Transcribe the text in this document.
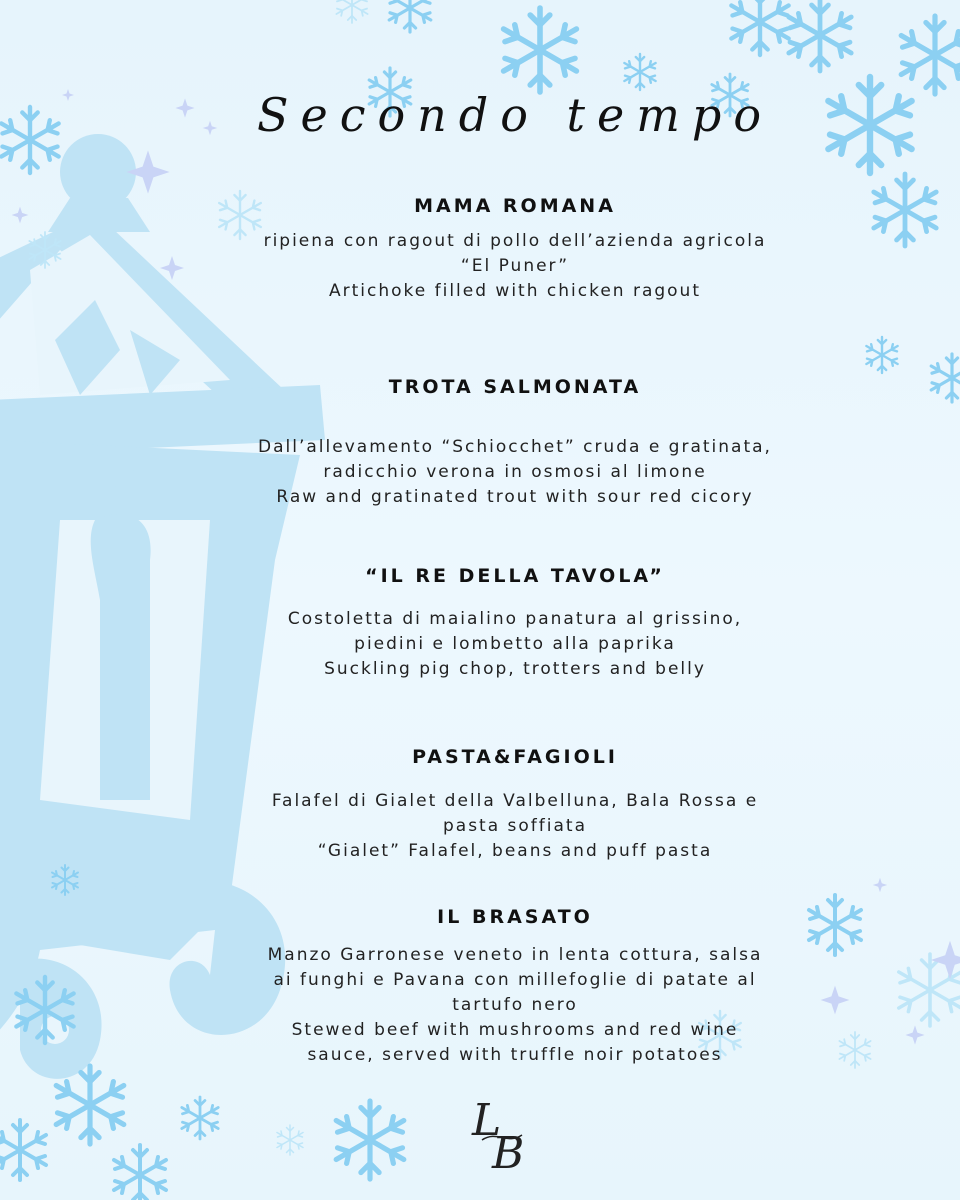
Secondo tempo

MAMA ROMANA

ripiena con ragout di pollo dell’azienda agricola

“El Puner”

Artichoke filled with chicken ragout

TROTA SALMONATA

Dall’allevamento “Schiocchet” cruda e gratinata,

radicchio verona in osmosi al limone

Raw and gratinated trout with sour red cicory

“IL RE DELLA TAVOLA”

Costoletta di maialino panatura al grissino,

piedini e lombetto alla paprika

Suckling pig chop, trotters and belly

PASTA&FAGIOLI

Falafel di Gialet della Valbelluna, Bala Rossa e

pasta soffiata

“Gialet” Falafel, beans and puff pasta

IL BRASATO

Manzo Garronese veneto in lenta cottura, salsa

ai funghi e Pavana con millefoglie di patate al

tartufo nero

Stewed beef with mushrooms and red wine

sauce, served with truffle noir potatoes

L
B
